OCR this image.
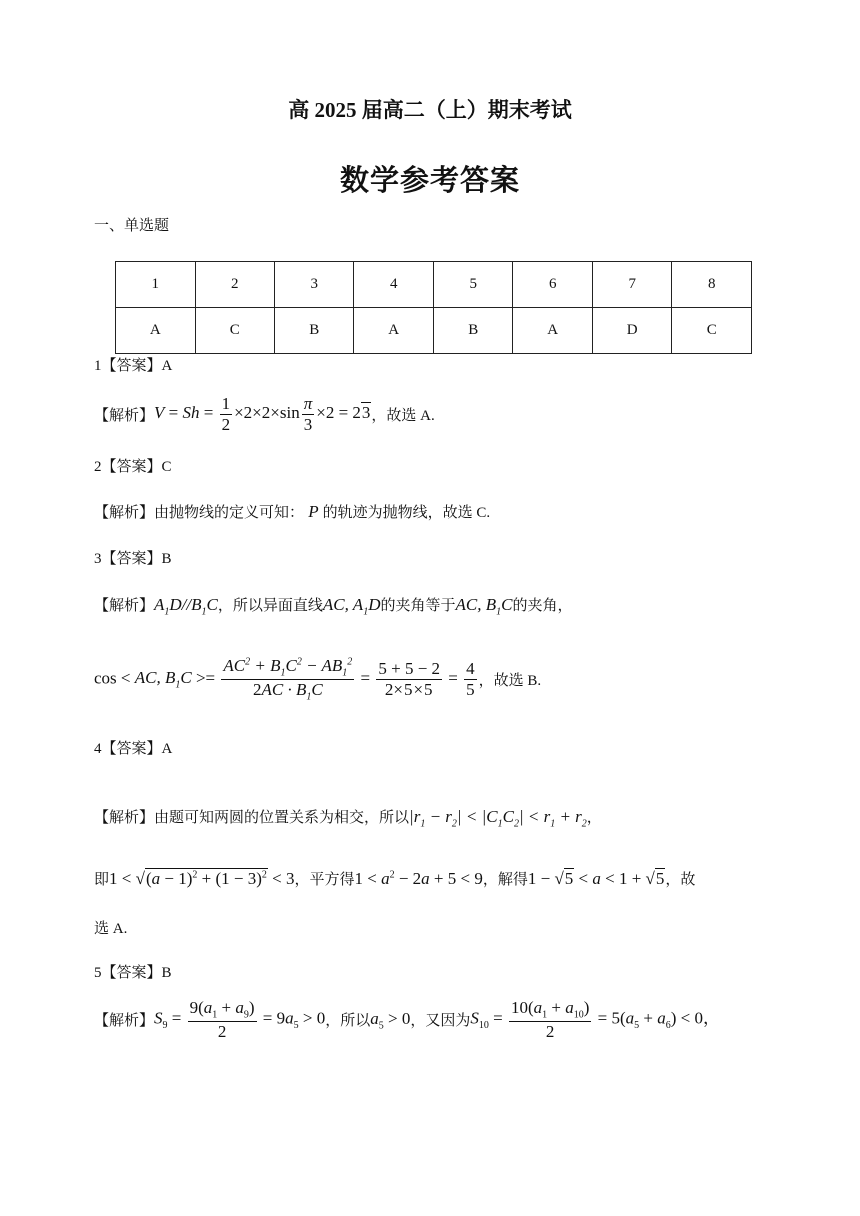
高 2025 届高二（上）期末考试
数学参考答案
一、单选题
1	2	3	4	5	6	7	8
A	C	B	A	B	A	D	C
1【答案】A
【解析】 $V = Sh = \frac{1}{2} \times 2\times 2\times\sin \frac{\pi}{3} \times 2 = 23$ ，故选 A.
2【答案】C
【解析】由抛物线的定义可知： P 的轨迹为抛物线，故选 C.
3【答案】B
【解析】$A_1D//B_1C$，所以异面直线AC, $A_1D$的夹角等于AC, $B_1C$的夹角，
cos < AC, $B_1C >= \frac{AC^2 + B_1C^2 - AB_1^2}{2AC \cdot B_1C} = \frac{5 + 5 - 2}{2\times 5\times 5} = \frac{4}{5}$ ，故选 B.
4【答案】A
【解析】由题可知两圆的位置关系为相交，所以$|r_1 - r_2| < |C_1C_2| < r_1 + r_2$，
即$1 < √(a - 1)^2 + (1 - 3)^2 < 3$，平方得$1 < a^2 - 2a + 5 < 9$，解得1 − √5 < a < 1 + √5，故
选 A.
5【答案】B
【解析】 $S_9 = \frac{9(a_1 + a_9)}{2} = 9a_5 > 0$ ，所以 $a_5 > 0$ ，又因为 $S_{10} = \frac{10(a_1 + a_{10})}{2} = 5(a_5 + a_6) < 0$，
